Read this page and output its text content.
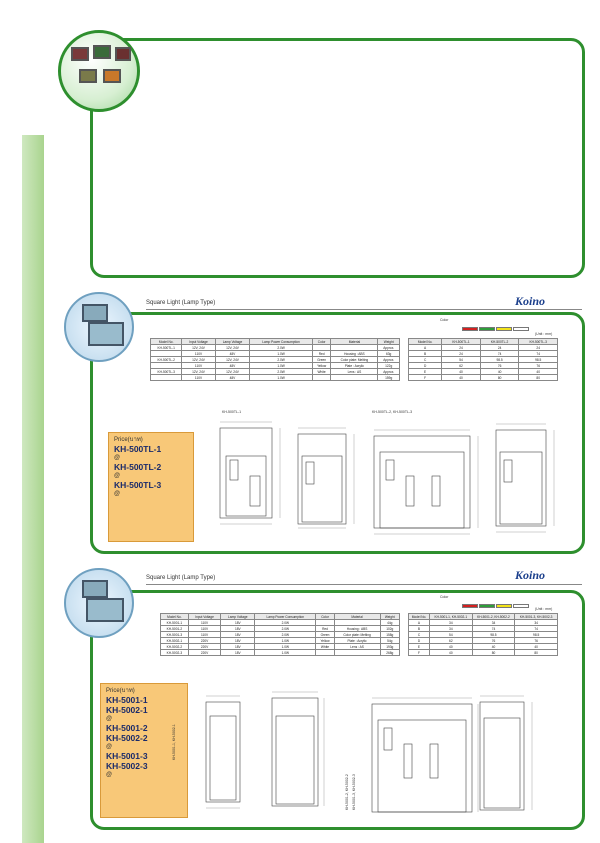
Square Light (Lamp Type)	Koino
Color
(Unit : mm)
Model No.	Input Voltage	Lamp Voltage	Lamp Power Consumption	Color	Material	Weight
KH-500TL-1	12V, 24V	12V, 24V	2.0W			Approx.
	110V	48V	1.0W	Red	Housing : ABS	63g
KH-500TL-2	12V, 24V	12V, 24V	2.0W	Green	Color plate: Melting	Approx.
	110V	48V	1.0W	Yellow	Plate : Acrylic	122g
KH-500TL-3	12V, 24V	12V, 24V	2.0W	White	Lens : AS	Approx.
	110V	48V	1.0W			159g
Model No.	KH-500TL-1	KH-500TL-2	KH-500TL-3
A	24	24	24
B	24	74	74
C	54	98.5	98.5
D	62	76	76
E	40	40	40
F	40	80	80
Price(บาท)
KH-500TL-1
@
KH-500TL-2
@
KH-500TL-3
@
KH-500TL-1	KH-500TL-2, KH-500TL-3
Square Light (Lamp Type)	Koino
Color
(Unit : mm)
Model No.	Input Voltage	Lamp Voltage	Lamp Power Consumption	Color	Material	Weight
KH-5001-1	110V	18V	2.0W			44g
KH-5001-2	110V	18V	2.0W	Red	Housing : ABS	102g
KH-5001-3	110V	18V	2.0W	Green	Color plate: Melting	158g
KH-5002-1	220V	18V	1.0W	Yellow	Plate : Acrylic	54g
KH-5002-2	220V	18V	1.0W	White	Lens : AS	193g
KH-5002-3	220V	18V	1.0W			268g
Model No.	KH-5001-1, KH-5002-1	KH-5001-2, KH-5002-2	KH-5001-3, KH-5002-3
A	34	34	34
B	34	74	74
C	54	98.5	98.5
D	62	76	76
E	40	40	40
F	40	80	80
Price(บาท)
KH-5001-1
KH-5002-1
@
KH-5001-2
KH-5002-2
@
KH-5001-3
KH-5002-3
@
KH-5001-1, KH-5002-1
KH-5001-2, KH-5002-2 KH-5001-3, KH-5002-3
